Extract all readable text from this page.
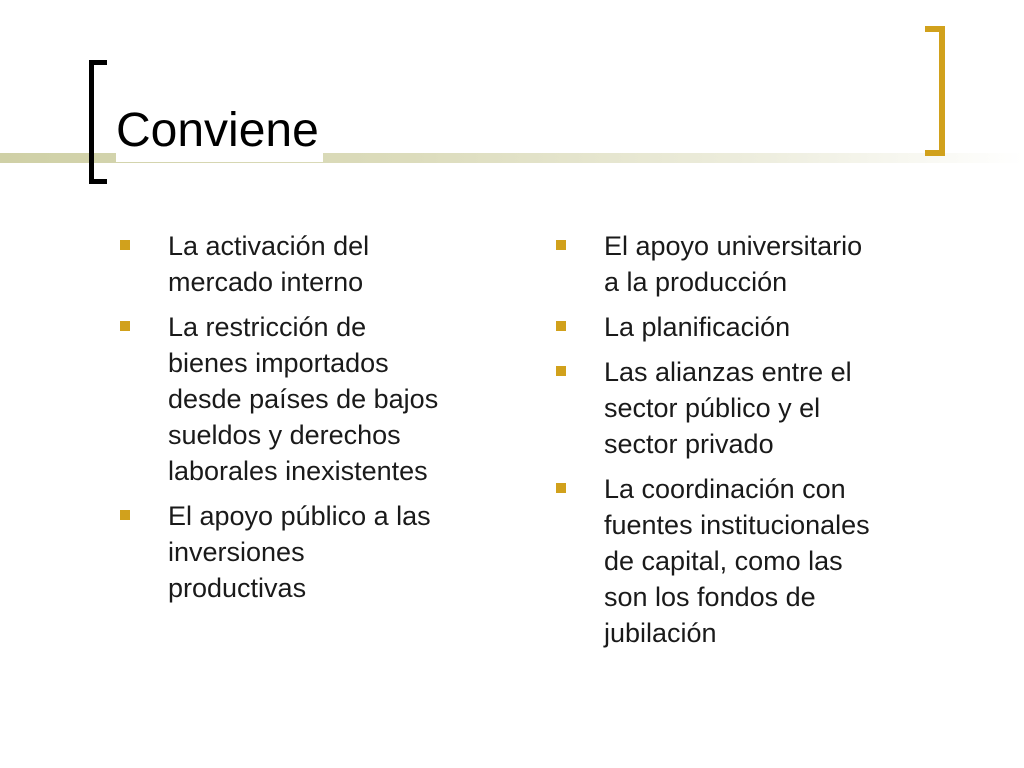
Conviene
La activación del
mercado interno
La restricción de
bienes importados
desde países de bajos
sueldos y derechos
laborales inexistentes
El apoyo público a las
inversiones
productivas
El apoyo universitario
a la producción
La planificación
Las alianzas entre el
sector público y el
sector privado
La coordinación con
fuentes institucionales
de capital, como las
son los fondos de
jubilación
